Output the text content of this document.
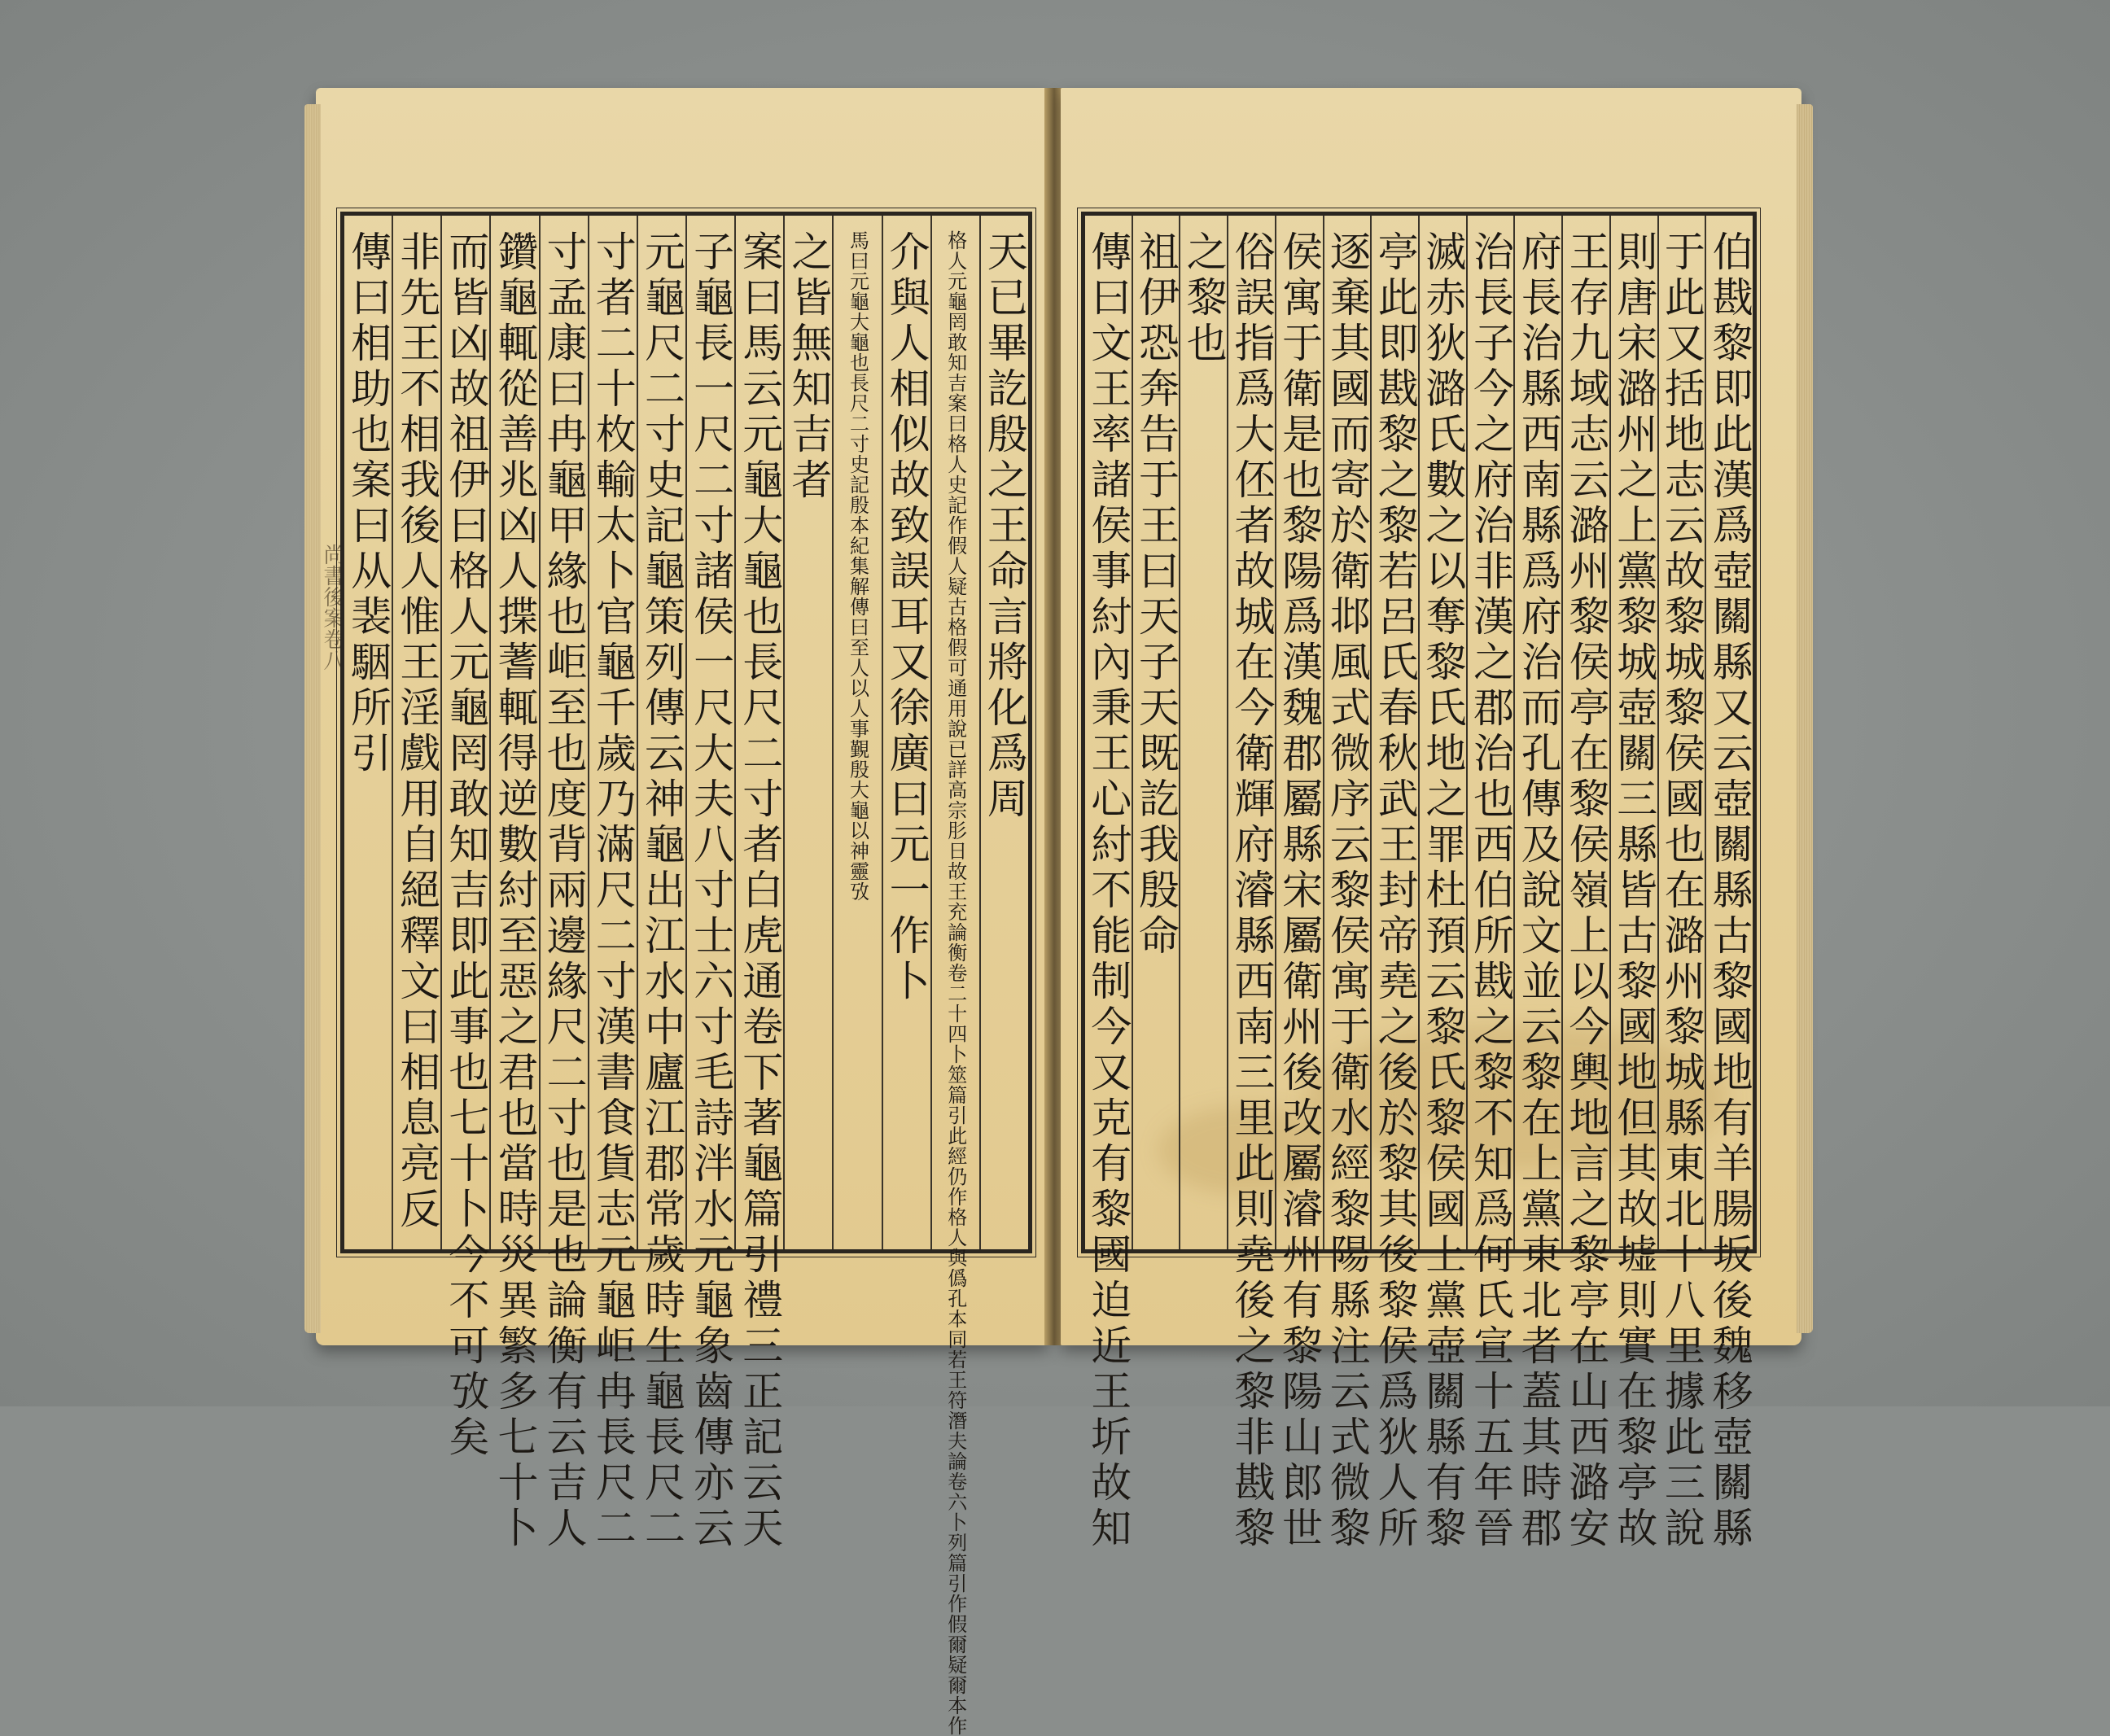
尚書後案卷八	天已畢訖殷之王命言將化爲周
格人元龜罔敢知吉案曰格人史記作假人疑古格假可通用說已詳高宗肜日故王充論衡卷二十四卜筮篇引此經仍作格人與僞孔本同若王符潛夫論卷六卜列篇引作假爾疑爾本作
介與人相似故致誤耳又徐廣曰元一作卜
馬曰元龜大龜也長尺二寸史記殷本紀集解傳曰至人以人事覲殷大龜以神靈攷
之皆無知吉者
案曰馬云元龜大龜也長尺二寸者白虎通卷下著龜篇引禮三正記云天
子龜長一尺二寸諸侯一尺大夫八寸士六寸毛詩泮水元龜象齒傳亦云
元龜尺二寸史記龜策列傳云神龜出江水中廬江郡常歲時生龜長尺二
寸者二十枚輸太卜官龜千歲乃滿尺二寸漢書食貨志元龜岠冉長尺二
寸孟康曰冉龜甲緣也岠至也度背兩邊緣尺二寸也是也論衡有云吉人
鑽龜輒從善兆凶人揲蓍輒得逆數紂至惡之君也當時災異繁多七十卜
而皆凶故祖伊曰格人元龜罔敢知吉即此事也七十卜今不可攷矣
非先王不相我後人惟王淫戲用自絕釋文曰相息亮反
傳曰相助也案曰从裴駰所引	伯戡黎即此漢爲壺關縣又云壺關縣古黎國地有羊腸坂後魏移壺關縣
于此又括地志云故黎城黎侯國也在潞州黎城縣東北十八里據此三說
則唐宋潞州之上黨黎城壺關三縣皆古黎國地但其故墟則實在黎亭故
王存九域志云潞州黎侯亭在黎侯嶺上以今輿地言之黎亭在山西潞安
府長治縣西南縣爲府治而孔傳及說文並云黎在上黨東北者蓋其時郡
治長子今之府治非漢之郡治也西伯所戡之黎不知爲何氏宣十五年晉
滅赤狄潞氏數之以奪黎氏地之罪杜預云黎氏黎侯國上黨壺關縣有黎
亭此即戡黎之黎若呂氏春秋武王封帝堯之後於黎其後黎侯爲狄人所
逐棄其國而寄於衛邶風式微序云黎侯寓于衛水經黎陽縣注云式微黎
侯寓于衛是也黎陽爲漢魏郡屬縣宋屬衛州後改屬濬州有黎陽山郎世
俗誤指爲大伾者故城在今衛輝府濬縣西南三里此則堯後之黎非戡黎
之黎也
祖伊恐奔告于王曰天子天既訖我殷命
傳曰文王率諸侯事紂內秉王心紂不能制今又克有黎國迫近王圻故知
